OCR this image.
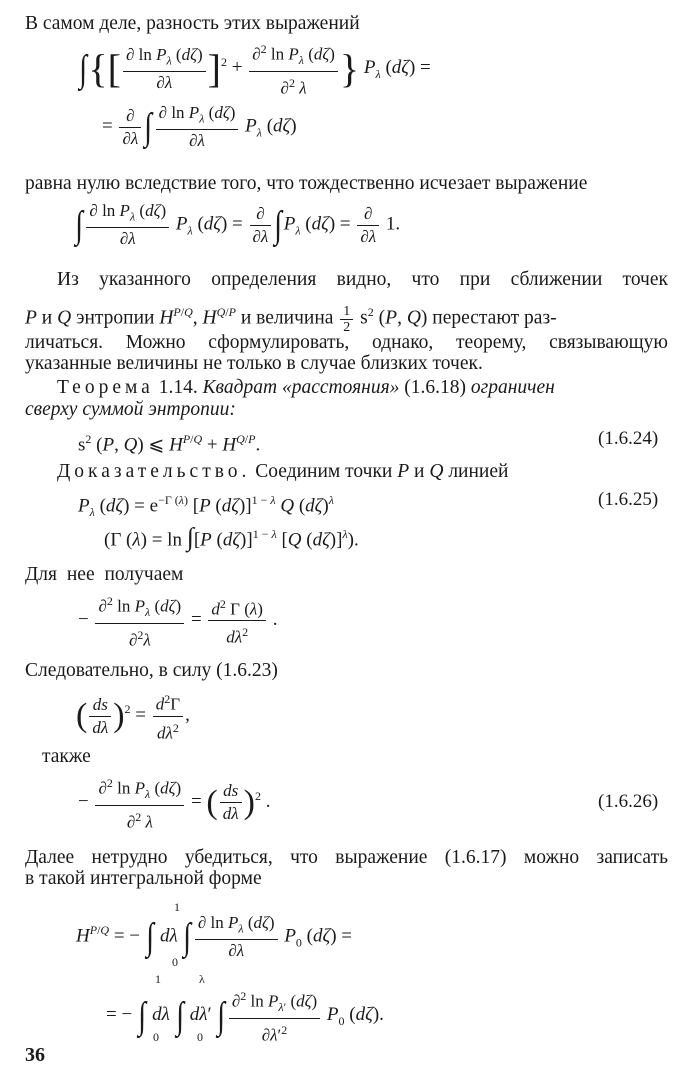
В самом деле, разность этих выражений
∫{[ $\frac{\partial \ln P_\lambda (d\zeta)}{\partial\lambda} ]^2 + \frac{\partial^2 \ln P_\lambda (d\zeta)}{\partial^2 \lambda}$ } $P_\lambda$ (dζ) =
= $\frac{\partial}{\partial\lambda}$ ∫ $\frac{\partial \ln P_\lambda (d\zeta)}{\partial\lambda} P_\lambda$ (dζ)
равна нулю вследствие того, что тождественно исчезает выражение
∫ $\frac{\partial \ln P_\lambda (d\zeta)}{\partial\lambda} P_\lambda$ $(d\zeta) = \frac{\partial}{\partial\lambda} \int P_\lambda$ $(d\zeta) = \frac{\partial}{\partial\lambda} 1$.
Из указанного определения видно, что при сближении точек
P и Q энтропии $H^{P/Q}$, $H^{Q/P}$ и величина $\frac{1}{2} s^2$ (P, Q) перестают раз-
личаться. Можно сформулировать, однако, теорему, связывающую
указанные величины не только в случае близких точек.
Теорема 1.14. Квадрат «расстояния» (1.6.18) ограничен
сверху суммой энтропии:
$s^2$ (P, Q) ⩽ $H^{P/Q} + H^{Q/P}$.	(1.6.24)
Доказательство. Соединим точки P и Q линией
$P_\lambda$ $(d\zeta) = e^{-\Gamma (\lambda)}$ [P (dζ)]$^{1 - \lambda}$ Q $(d\zeta)^\lambda$	(1.6.25)
(Γ (λ) = ln ∫[P (dζ)]$^{1 - \lambda}$ [Q (dζ)]$^\lambda$).
Для нее получаем
− $\frac{\partial^2 \ln P_\lambda (d\zeta)}{\partial^2\lambda} = \frac{d^2 \Gamma (\lambda)}{d\lambda^2}$ .
Следовательно, в силу (1.6.23)
( $\frac{ds}{d\lambda} )^2 = \frac{d^2\Gamma}{d\lambda^2}$ ,
также
− $\frac{\partial^2 \ln P_\lambda (d\zeta)}{\partial^2 \lambda}$ = ( $\frac{ds}{d\lambda} )^2$ .	(1.6.26)
Далее нетрудно убедиться, что выражение (1.6.17) можно записать
в такой интегральной форме
$H^{P/Q}$ = − ∫ dλ ∫ $\frac{\partial \ln P_\lambda (d\zeta)}{\partial\lambda} P_0$ (dζ) =
1
0
= − ∫ dλ ∫ dλ′ ∫ $\frac{\partial^2 \ln P_{\lambda'} (d\zeta)}{\partial\lambda'^2} P_0$ (dζ).
1
0
λ
0
36
